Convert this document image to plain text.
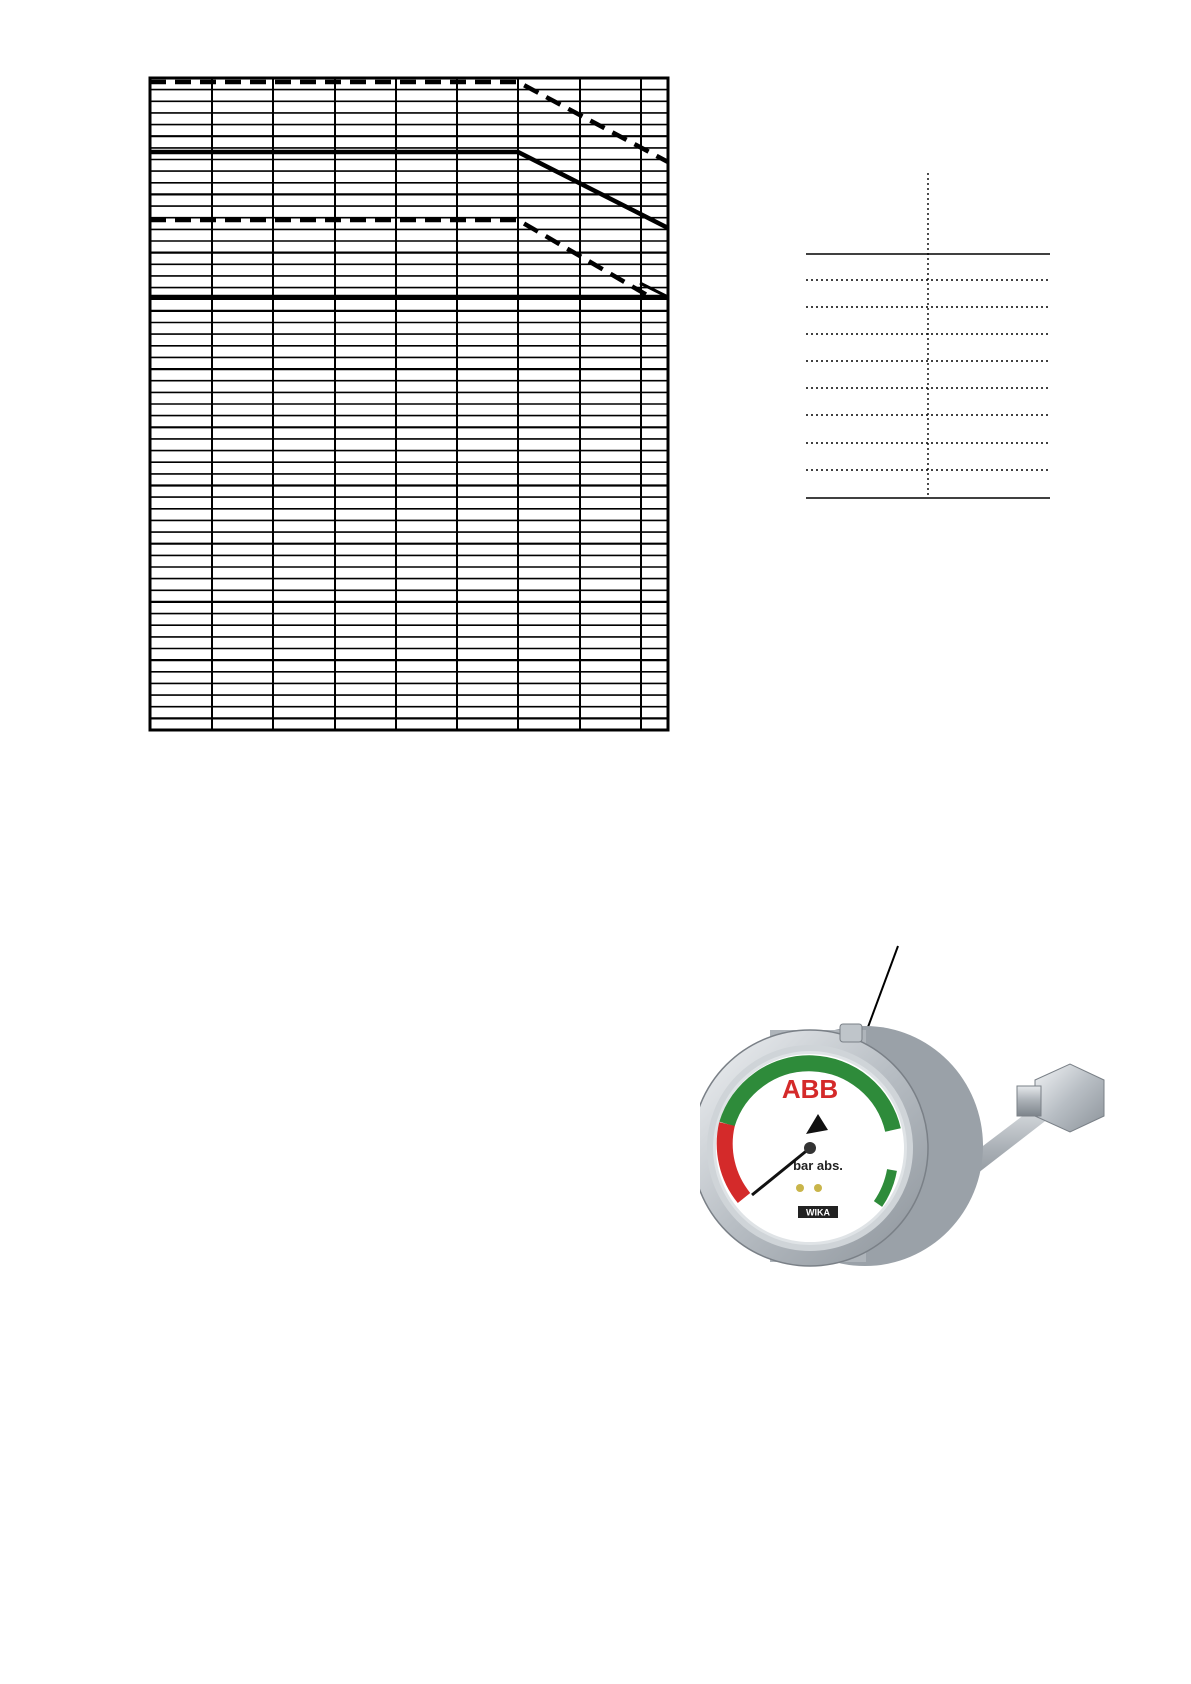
ABB
bar abs.
WIKA
